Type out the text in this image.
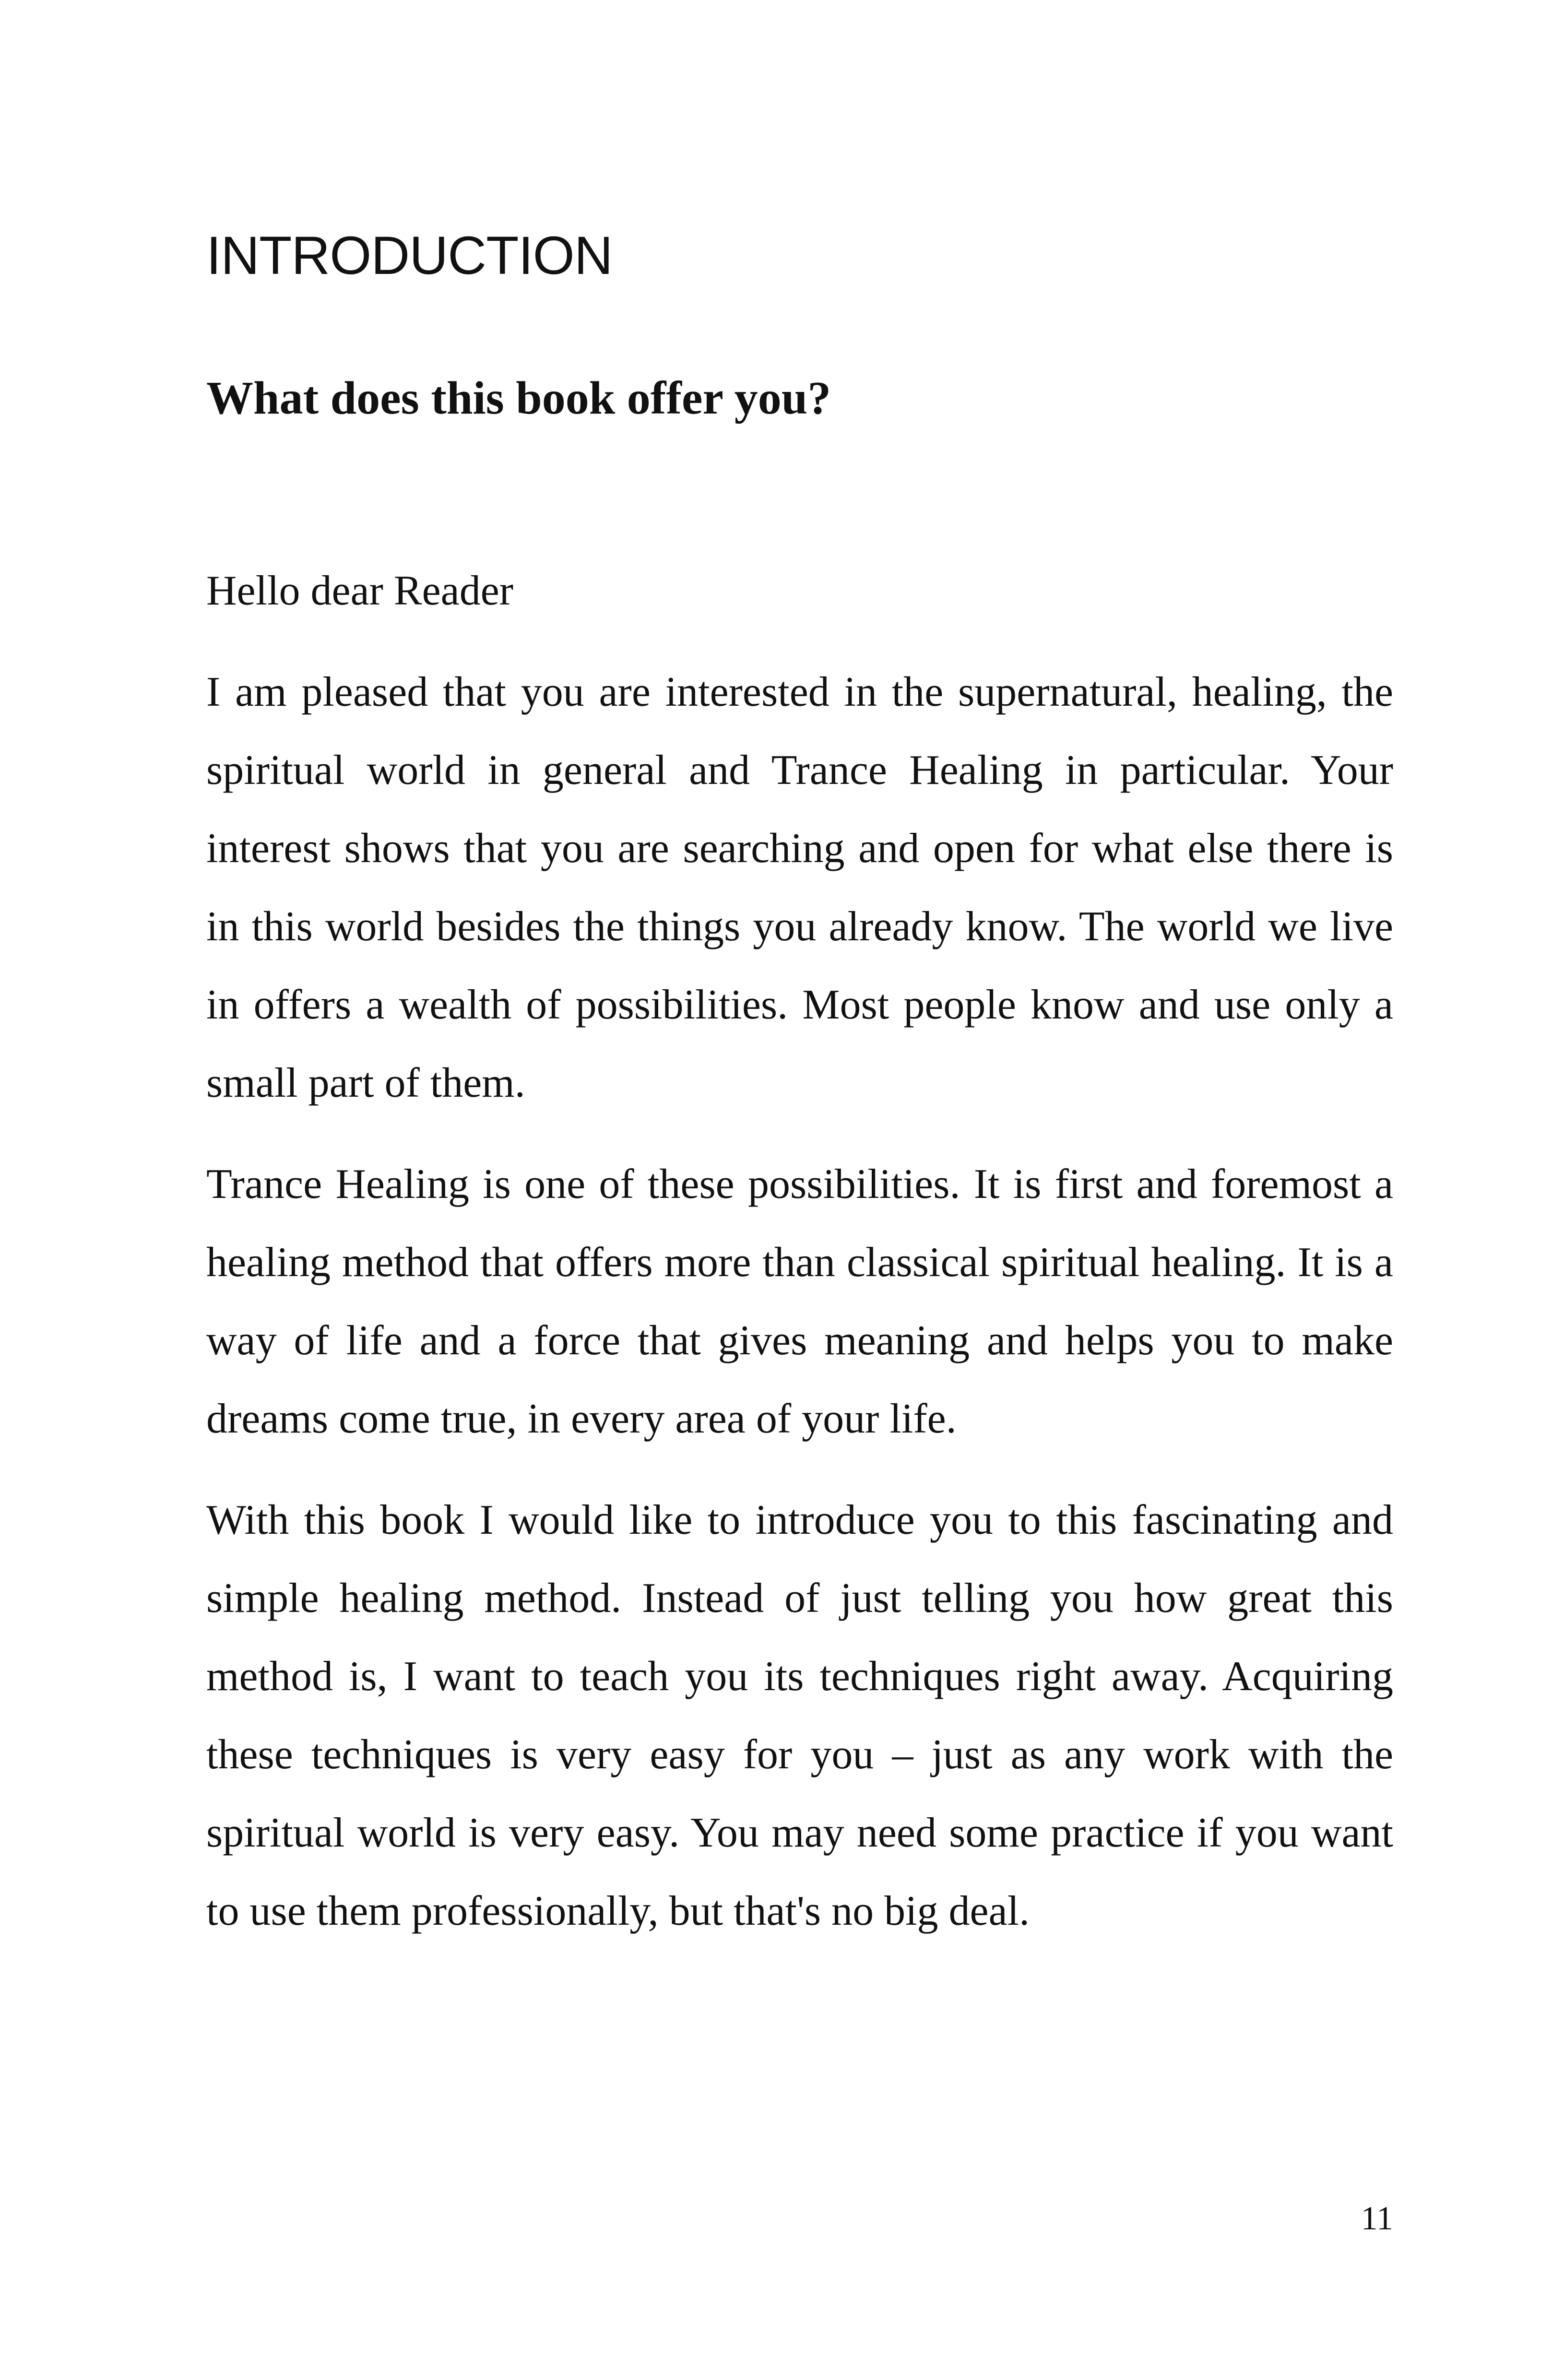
INTRODUCTION
What does this book offer you?

Hello dear Reader

I am pleased that you are interested in the supernatural, healing, the spiritual world in general and Trance Healing in particular. Your interest shows that you are searching and open for what else there is in this world besides the things you already know. The world we live in offers a wealth of possibilities. Most people know and use only a small part of them.

Trance Healing is one of these possibilities. It is first and foremost a healing method that offers more than classical spiritual healing. It is a way of life and a force that gives meaning and helps you to make dreams come true, in every area of your life.

With this book I would like to introduce you to this fascinating and simple healing method. Instead of just telling you how great this method is, I want to teach you its techniques right away. Acquiring these techniques is very easy for you – just as any work with the spiritual world is very easy. You may need some practice if you want to use them professionally, but that's no big deal.

11
